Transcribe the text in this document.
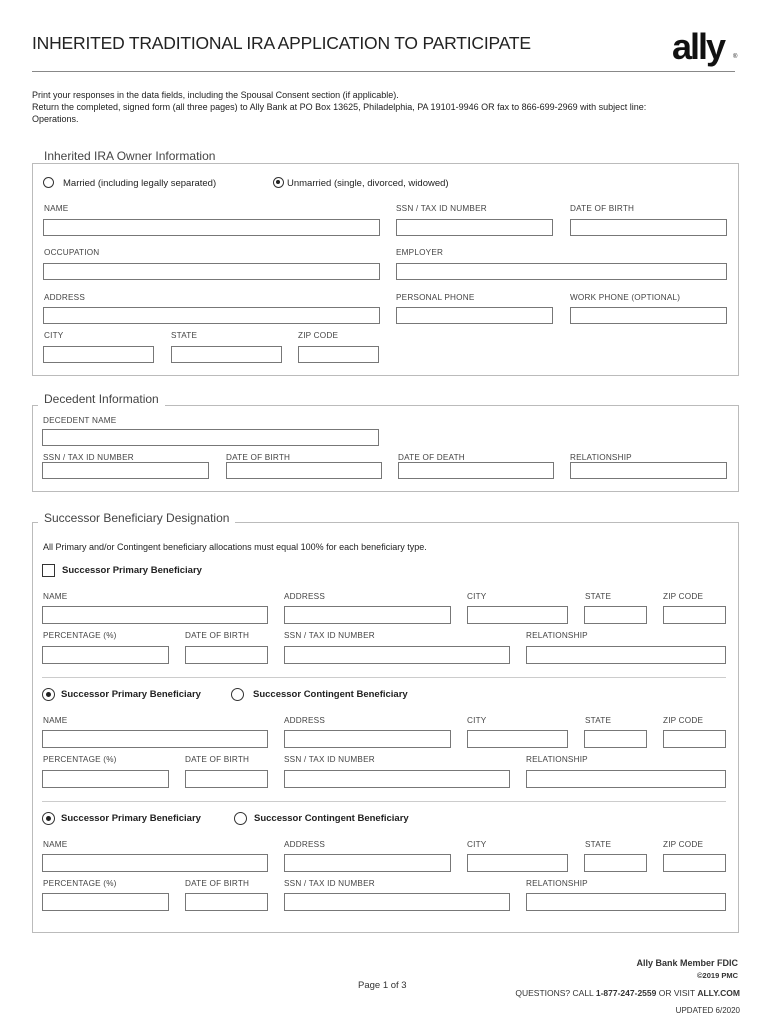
INHERITED TRADITIONAL IRA APPLICATION TO PARTICIPATE	ally ®
Print your responses in the data fields, including the Spousal Consent section (if applicable).
Return the completed, signed form (all three pages) to Ally Bank at PO Box 13625, Philadelphia, PA 19101-9946 OR fax to 866-699-2969 with subject line:
Operations.
Inherited IRA Owner Information
Married (including legally separated)	Unmarried (single, divorced, widowed)
NAME	SSN / TAX ID NUMBER	DATE OF BIRTH
OCCUPATION	EMPLOYER
ADDRESS	PERSONAL PHONE	WORK PHONE (OPTIONAL)
CITY	STATE	ZIP CODE
Decedent Information
DECEDENT NAME
SSN / TAX ID NUMBER	DATE OF BIRTH	DATE OF DEATH	RELATIONSHIP
Successor Beneficiary Designation
All Primary and/or Contingent beneficiary allocations must equal 100% for each beneficiary type.
Successor Primary Beneficiary
NAME	ADDRESS	CITY	STATE	ZIP CODE
PERCENTAGE (%)	DATE OF BIRTH	SSN / TAX ID NUMBER	RELATIONSHIP
Successor Primary Beneficiary	Successor Contingent Beneficiary
NAME	ADDRESS	CITY	STATE	ZIP CODE
PERCENTAGE (%)	DATE OF BIRTH	SSN / TAX ID NUMBER	RELATIONSHIP
Successor Primary Beneficiary	Successor Contingent Beneficiary
NAME	ADDRESS	CITY	STATE	ZIP CODE
PERCENTAGE (%)	DATE OF BIRTH	SSN / TAX ID NUMBER	RELATIONSHIP
Ally Bank Member FDIC
©2019 PMC
Page 1 of 3
QUESTIONS? CALL 1-877-247-2559 OR VISIT ALLY.COM
UPDATED 6/2020
